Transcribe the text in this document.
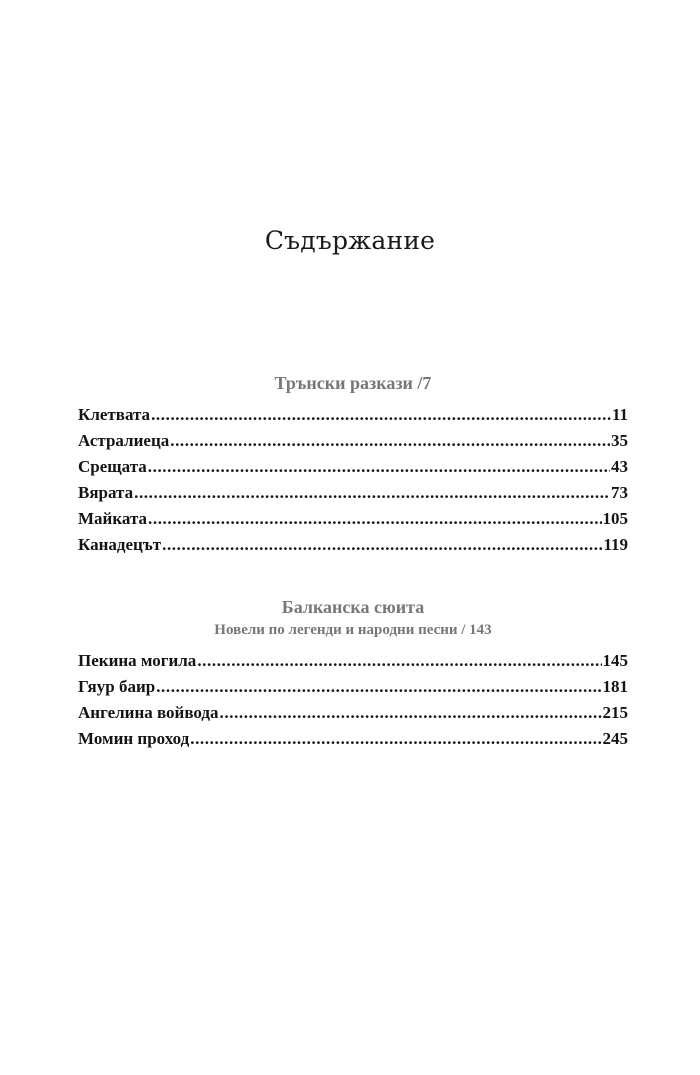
Съдържание
Трънски разкази /7
Клетвата .....	11
Астралиеца .....	35
Срещата .....	43
Вярата .....	73
Майката .....	105
Канадецът .....	119
Балканска сюита
Новели по легенди и народни песни / 143
Пекина могила .....	145
Гяур баир .....	181
Ангелина войвода .....	215
Момин проход .....	245
